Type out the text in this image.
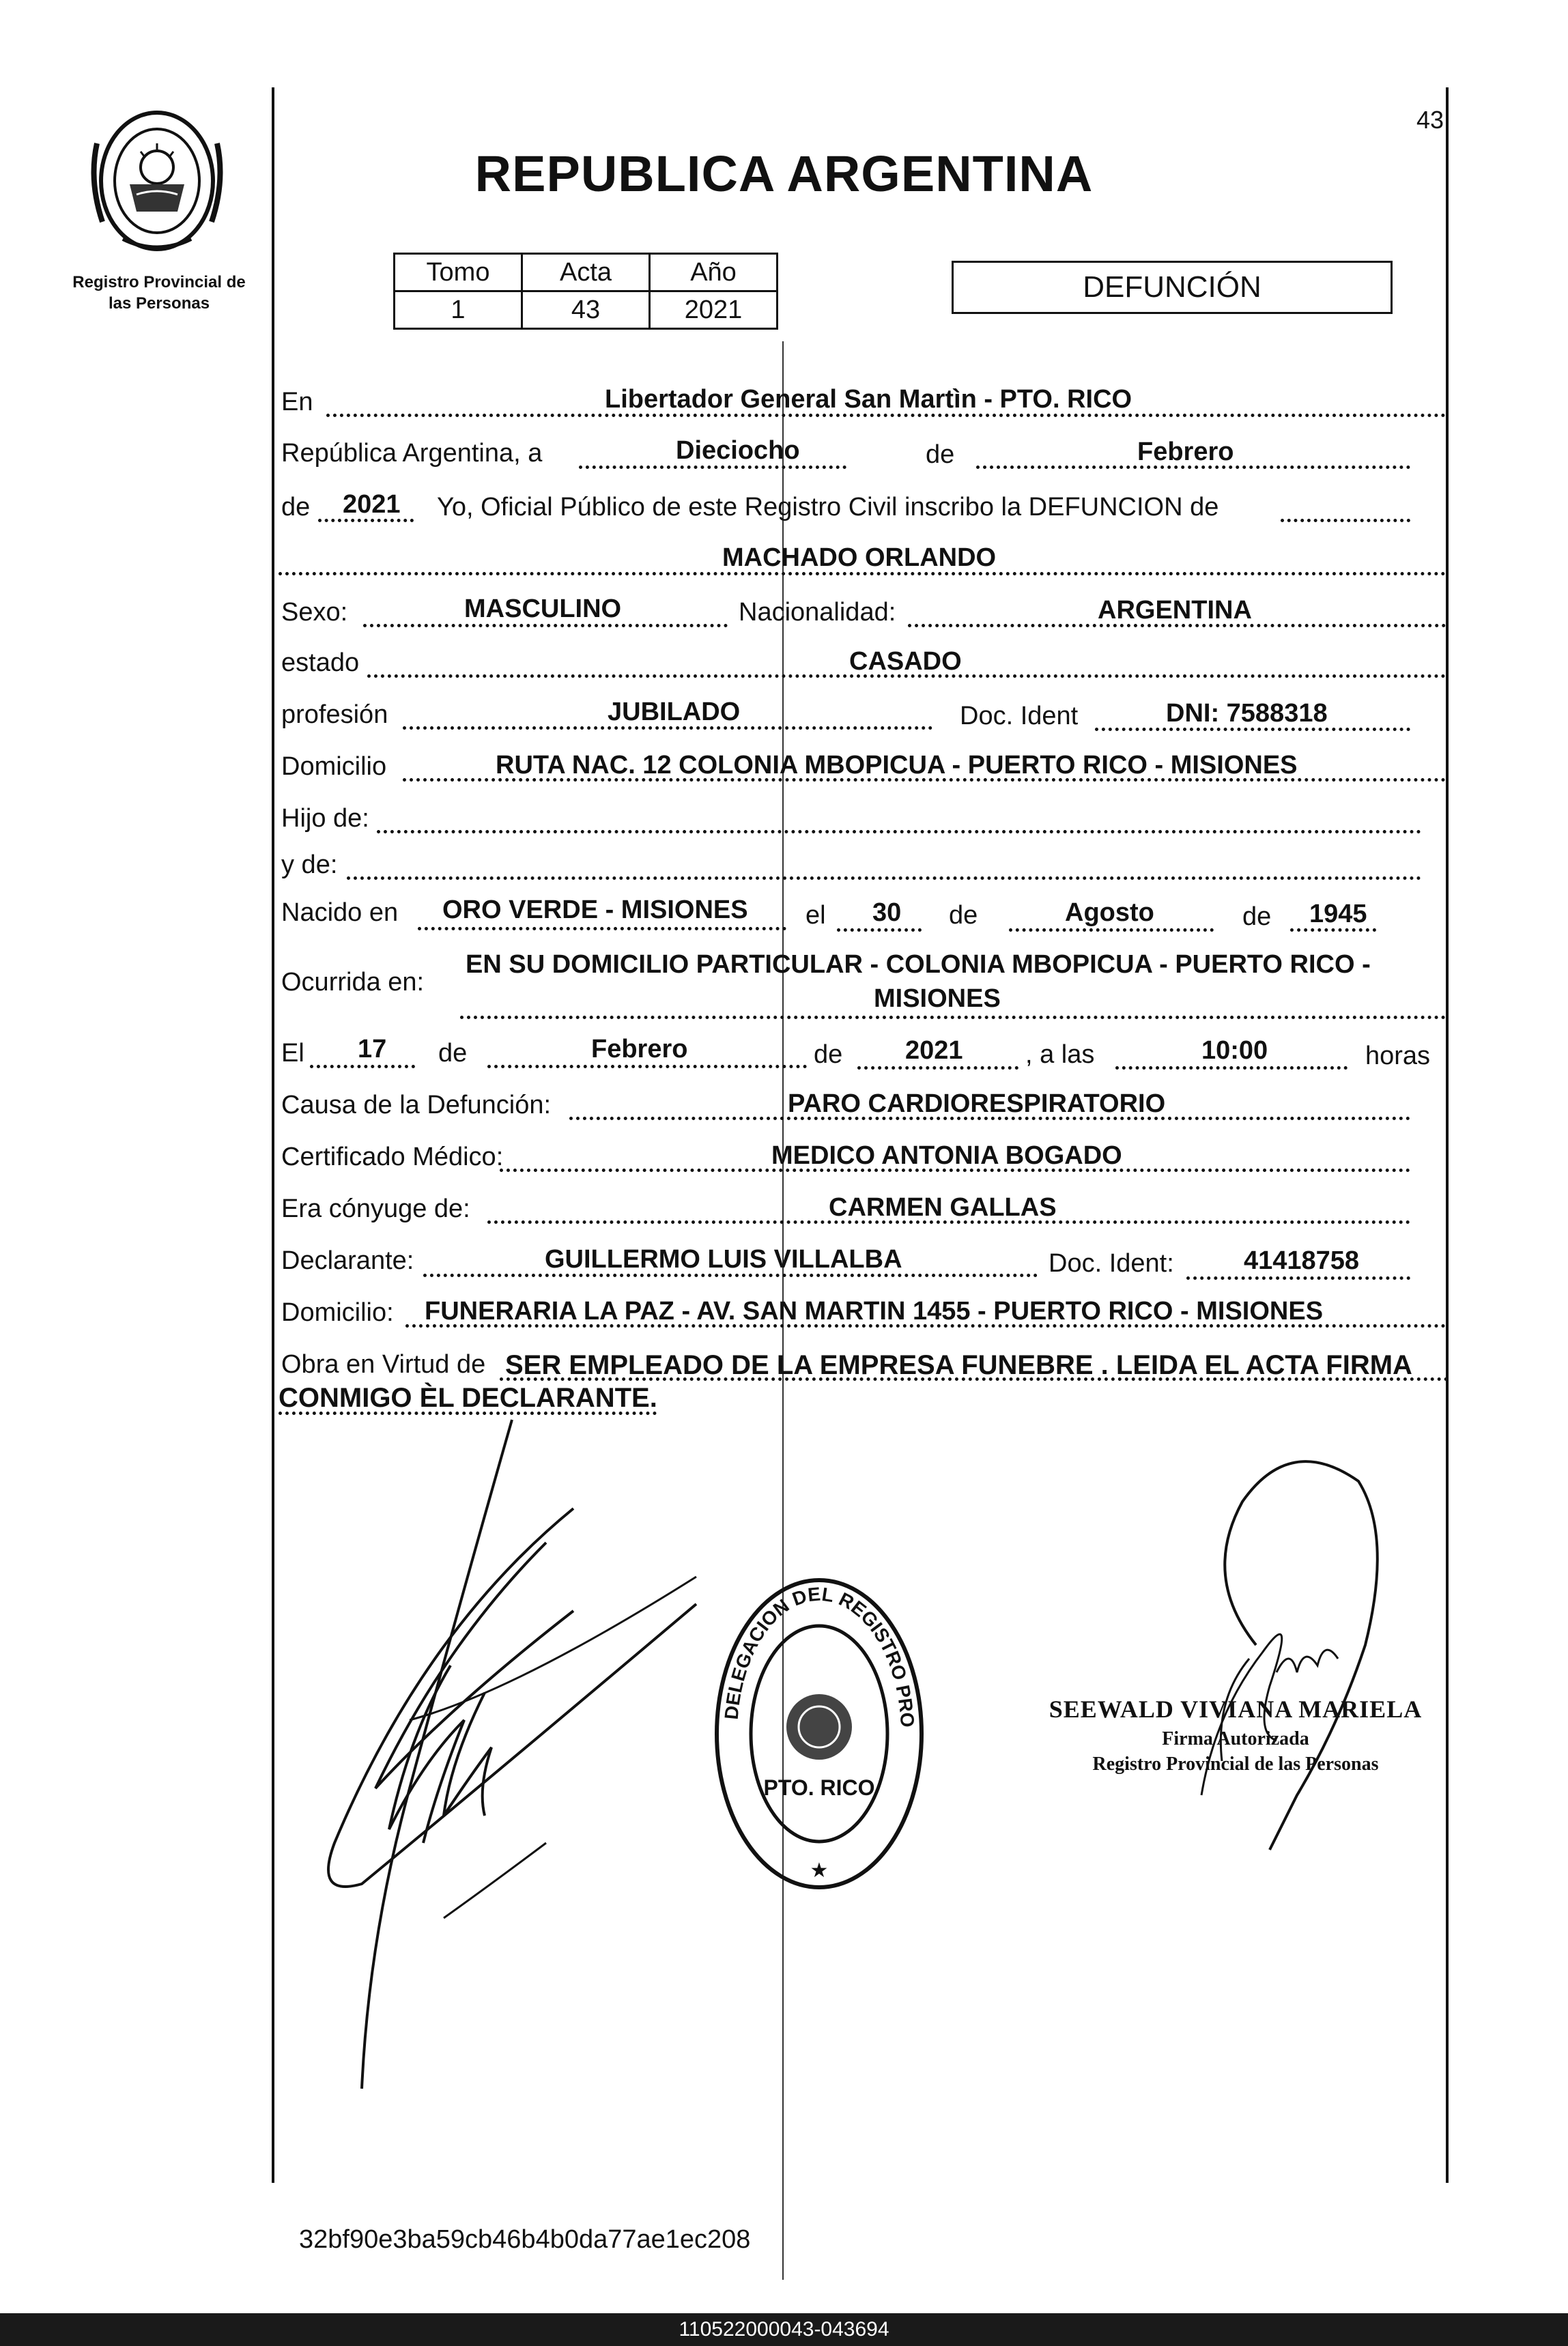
Registro Provincial de las Personas
43
REPUBLICA ARGENTINA
Tomo	Acta	Año
1	43	2021
DEFUNCIÓN
En	Libertador General San Martìn - PTO. RICO
República Argentina, a	Dieciocho	de	Febrero
de 2021 Yo, Oficial Público de este Registro Civil inscribo la DEFUNCION de
MACHADO ORLANDO
Sexo:	MASCULINO	Nacionalidad:	ARGENTINA
estado	CASADO
profesión	JUBILADO	Doc. Ident	DNI: 7588318
Domicilio	RUTA NAC. 12 COLONIA MBOPICUA - PUERTO RICO - MISIONES
Hijo de:
y de:
Nacido en ORO VERDE - MISIONES el 30 de	Agosto	de 1945
Ocurrida en:
EN SU DOMICILIO PARTICULAR - COLONIA MBOPICUA - PUERTO RICO -
MISIONES
El 17 de	Febrero	de 2021 , a las	10:00	horas
Causa de la Defunción:	PARO CARDIORESPIRATORIO
Certificado Médico:	MEDICO ANTONIA BOGADO
Era cónyuge de:	CARMEN GALLAS
Declarante:	GUILLERMO LUIS VILLALBA	Doc. Ident:	41418758
Domicilio: FUNERARIA LA PAZ - AV. SAN MARTIN 1455 - PUERTO RICO - MISIONES
Obra en Virtud de SER EMPLEADO DE LA EMPRESA FUNEBRE . LEIDA EL ACTA FIRMA
CONMIGO ÈL DECLARANTE.
DELEGACION DEL REGISTRO PROVINCIAL DE LAS PERSONAS
PTO. RICO
★
SEEWALD VIVIANA MARIELA
Firma Autorizada
Registro Provincial de las Personas
32bf90e3ba59cb46b4b0da77ae1ec208
110522000043-043694
